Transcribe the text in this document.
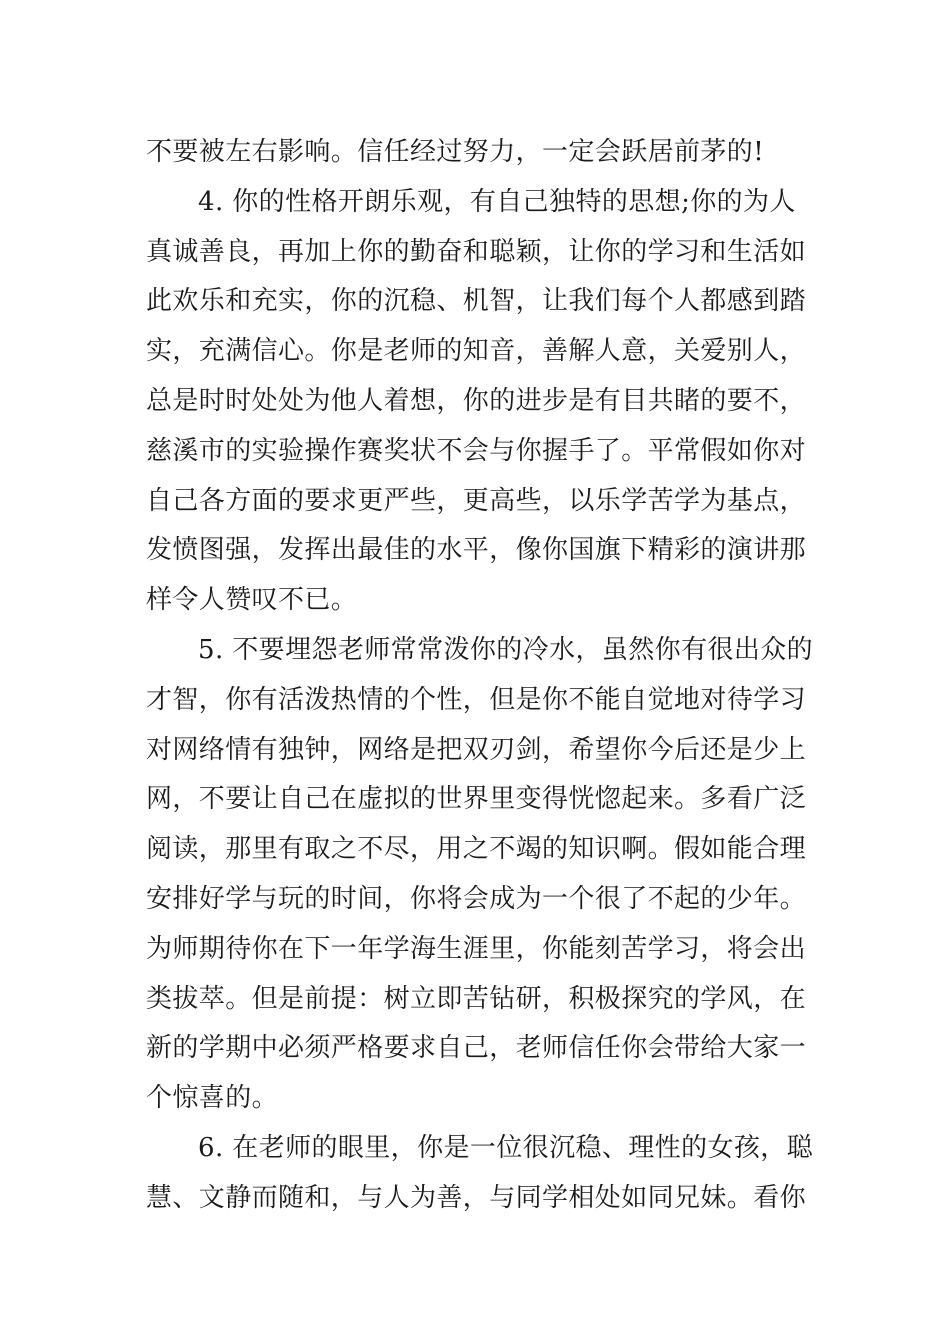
不要被左右影响。信任经过努力，一定会跃居前茅的!
4. 你的性格开朗乐观，有自己独特的思想;你的为人
真诚善良，再加上你的勤奋和聪颖，让你的学习和生活如
此欢乐和充实，你的沉稳、机智，让我们每个人都感到踏
实，充满信心。你是老师的知音，善解人意，关爱别人，
总是时时处处为他人着想，你的进步是有目共睹的要不，
慈溪市的实验操作赛奖状不会与你握手了。平常假如你对
自己各方面的要求更严些，更高些，以乐学苦学为基点，
发愤图强，发挥出最佳的水平，像你国旗下精彩的演讲那
样令人赞叹不已。
5. 不要埋怨老师常常泼你的冷水，虽然你有很出众的
才智，你有活泼热情的个性，但是你不能自觉地对待学习
对网络情有独钟，网络是把双刃剑，希望你今后还是少上
网，不要让自己在虚拟的世界里变得恍惚起来。多看广泛
阅读，那里有取之不尽，用之不竭的知识啊。假如能合理
安排好学与玩的时间，你将会成为一个很了不起的少年。
为师期待你在下一年学海生涯里，你能刻苦学习，将会出
类拔萃。但是前提：树立即苦钻研，积极探究的学风，在
新的学期中必须严格要求自己，老师信任你会带给大家一
个惊喜的。
6. 在老师的眼里，你是一位很沉稳、理性的女孩，聪
慧、文静而随和，与人为善，与同学相处如同兄妹。看你
